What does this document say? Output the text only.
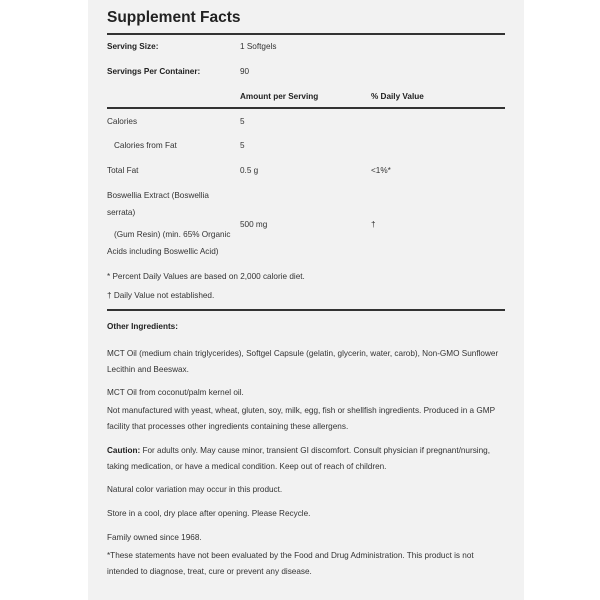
Supplement Facts
Serving Size:	1 Softgels
Servings Per Container:	90
Amount per Serving	% Daily Value
Calories	5
Calories from Fat	5
Total Fat	0.5 g	<1%*
Boswellia Extract (Boswellia
serrata)
(Gum Resin) (min. 65% Organic
Acids including Boswellic Acid)
500 mg	†
* Percent Daily Values are based on 2,000 calorie diet.
† Daily Value not established.
Other Ingredients:
MCT Oil (medium chain triglycerides), Softgel Capsule (gelatin, glycerin, water, carob), Non-GMO Sunflower Lecithin and Beeswax.
MCT Oil from coconut/palm kernel oil.
Not manufactured with yeast, wheat, gluten, soy, milk, egg, fish or shellfish ingredients. Produced in a GMP facility that processes other ingredients containing these allergens.
Caution: For adults only. May cause minor, transient GI discomfort. Consult physician if pregnant/nursing, taking medication, or have a medical condition. Keep out of reach of children.
Natural color variation may occur in this product.
Store in a cool, dry place after opening. Please Recycle.
Family owned since 1968.
*These statements have not been evaluated by the Food and Drug Administration. This product is not intended to diagnose, treat, cure or prevent any disease.
